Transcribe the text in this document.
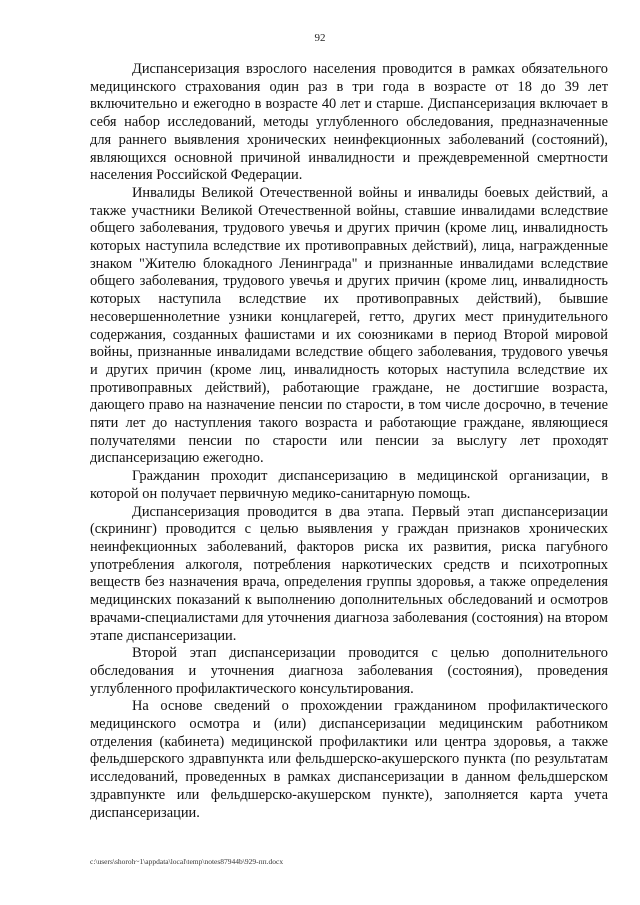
92

Диспансеризация взрослого населения проводится в рамках обязательного медицинского страхования один раз в три года в возрасте от 18 до 39 лет включительно и ежегодно в возрасте 40 лет и старше. Диспансеризация включает в себя набор исследований, методы углубленного обследования, предназначенные для раннего выявления хронических неинфекционных заболеваний (состояний), являющихся основной причиной инвалидности и преждевременной смертности населения Российской Федерации.

Инвалиды Великой Отечественной войны и инвалиды боевых действий, а также участники Великой Отечественной войны, ставшие инвалидами вследствие общего заболевания, трудового увечья и других причин (кроме лиц, инвалидность которых наступила вследствие их противоправных действий), лица, награжденные знаком "Жителю блокадного Ленинграда" и признанные инвалидами вследствие общего заболевания, трудового увечья и других причин (кроме лиц, инвалидность которых наступила вследствие их противоправных действий), бывшие несовершеннолетние узники концлагерей, гетто, других мест принудительного содержания, созданных фашистами и их союзниками в период Второй мировой войны, признанные инвалидами вследствие общего заболевания, трудового увечья и других причин (кроме лиц, инвалидность которых наступила вследствие их противоправных действий), работающие граждане, не достигшие возраста, дающего право на назначение пенсии по старости, в том числе досрочно, в течение пяти лет до наступления такого возраста и работающие граждане, являющиеся получателями пенсии по старости или пенсии за выслугу лет проходят диспансеризацию ежегодно.

Гражданин проходит диспансеризацию в медицинской организации, в которой он получает первичную медико-санитарную помощь.

Диспансеризация проводится в два этапа. Первый этап диспансеризации (скрининг) проводится с целью выявления у граждан признаков хронических неинфекционных заболеваний, факторов риска их развития, риска пагубного употребления алкоголя, потребления наркотических средств и психотропных веществ без назначения врача, определения группы здоровья, а также определения медицинских показаний к выполнению дополнительных обследований и осмотров врачами-специалистами для уточнения диагноза заболевания (состояния) на втором этапе диспансеризации.

Второй этап диспансеризации проводится с целью дополнительного обследования и уточнения диагноза заболевания (состояния), проведения углубленного профилактического консультирования.

На основе сведений о прохождении гражданином профилактического медицинского осмотра и (или) диспансеризации медицинским работником отделения (кабинета) медицинской профилактики или центра здоровья, а также фельдшерского здравпункта или фельдшерско-акушерского пункта (по результатам исследований, проведенных в рамках диспансеризации в данном фельдшерском здравпункте или фельдшерско-акушерском пункте), заполняется карта учета диспансеризации.

c:\users\shoroh~1\appdata\local\temp\notes87944b\929-пп.docx
